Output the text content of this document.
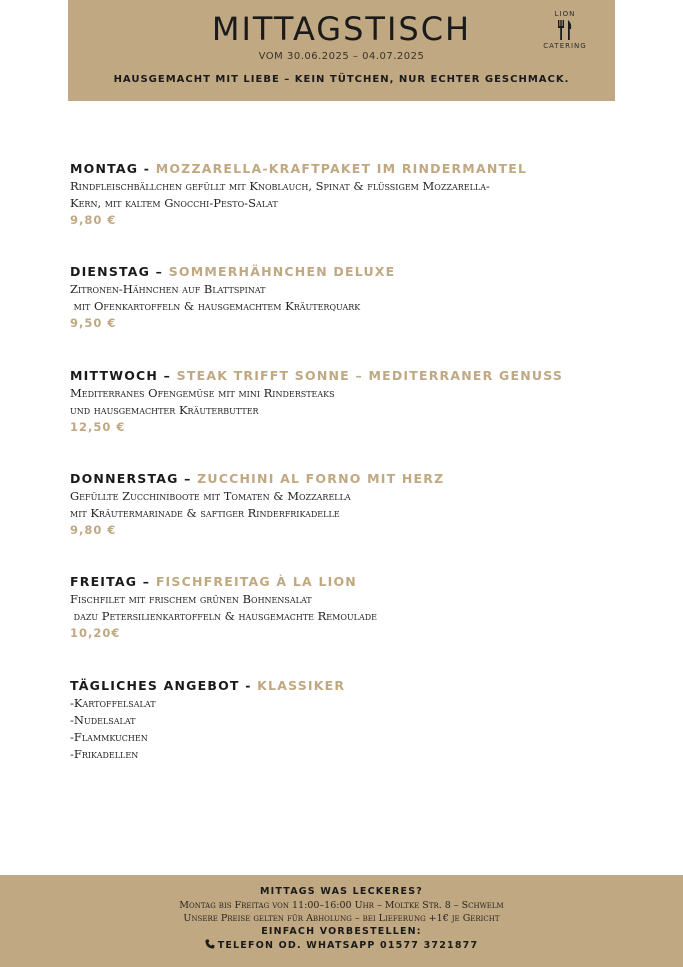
MITTAGSTISCH
VOM 30.06.2025 – 04.07.2025
HAUSGEMACHT MIT LIEBE – KEIN TÜTCHEN, NUR ECHTER GESCHMACK.
LION
CATERING
MONTAG - MOZZARELLA-KRAFTPAKET IM RINDERMANTEL
Rindfleischbällchen gefüllt mit Knoblauch, Spinat & flüssigem Mozzarella-
Kern, mit kaltem Gnocchi-Pesto-Salat
9,80 €
DIENSTAG – SOMMERHÄHNCHEN DELUXE
Zitronen-Hähnchen auf Blattspinat
mit Ofenkartoffeln & hausgemachtem Kräuterquark
9,50 €
MITTWOCH – STEAK TRIFFT SONNE – MEDITERRANER GENUSS
Mediterranes Ofengemüse mit mini Rindersteaks
und hausgemachter Kräuterbutter
12,50 €
DONNERSTAG – ZUCCHINI AL FORNO MIT HERZ
Gefüllte Zucchiniboote mit Tomaten & Mozzarella
mit Kräutermarinade & saftiger Rinderfrikadelle
9,80 €
FREITAG – FISCHFREITAG À LA LION
Fischfilet mit frischem grünen Bohnensalat
dazu Petersilienkartoffeln & hausgemachte Remoulade
10,20€
TÄGLICHES ANGEBOT - KLASSIKER
-Kartoffelsalat
-Nudelsalat
-Flammkuchen
-Frikadellen
MITTAGS WAS LECKERES?
Montag bis Freitag von 11:00–16:00 Uhr – Moltke Str. 8 – Schwelm
Unsere Preise gelten für Abholung – bei Lieferung +1€ je Gericht
EINFACH VORBESTELLEN:
TELEFON OD. WHATSAPP 01577 3721877
